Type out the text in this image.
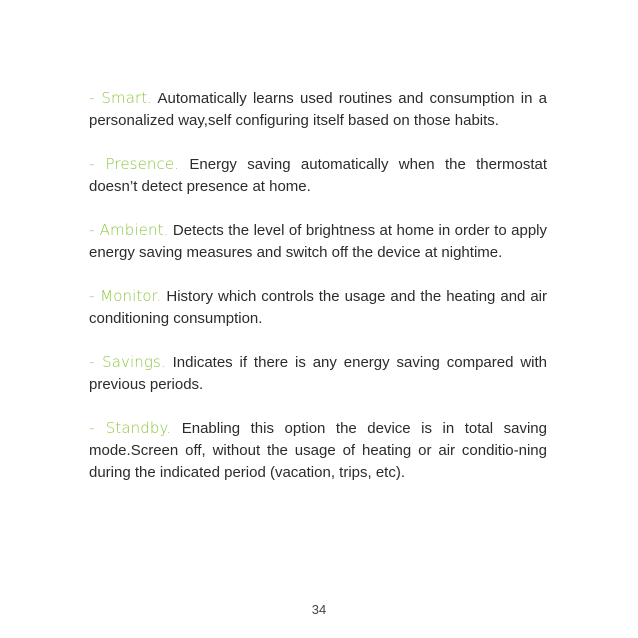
- Smart. Automatically learns used routines and consumption in a personalized way,self configuring itself based on those habits.

- Presence. Energy saving automatically when the thermostat doesn’t detect presence at home.

- Ambient. Detects the level of brightness at home in order to apply energy saving measures and switch off the device at nightime.

- Monitor. History which controls the usage and the heating and air conditioning consumption.

- Savings. Indicates if there is any energy saving compared with previous periods.

- Standby. Enabling this option the device is in total saving mode.Screen off, without the usage of heating or air conditio-ning during the indicated period (vacation, trips, etc).

34
